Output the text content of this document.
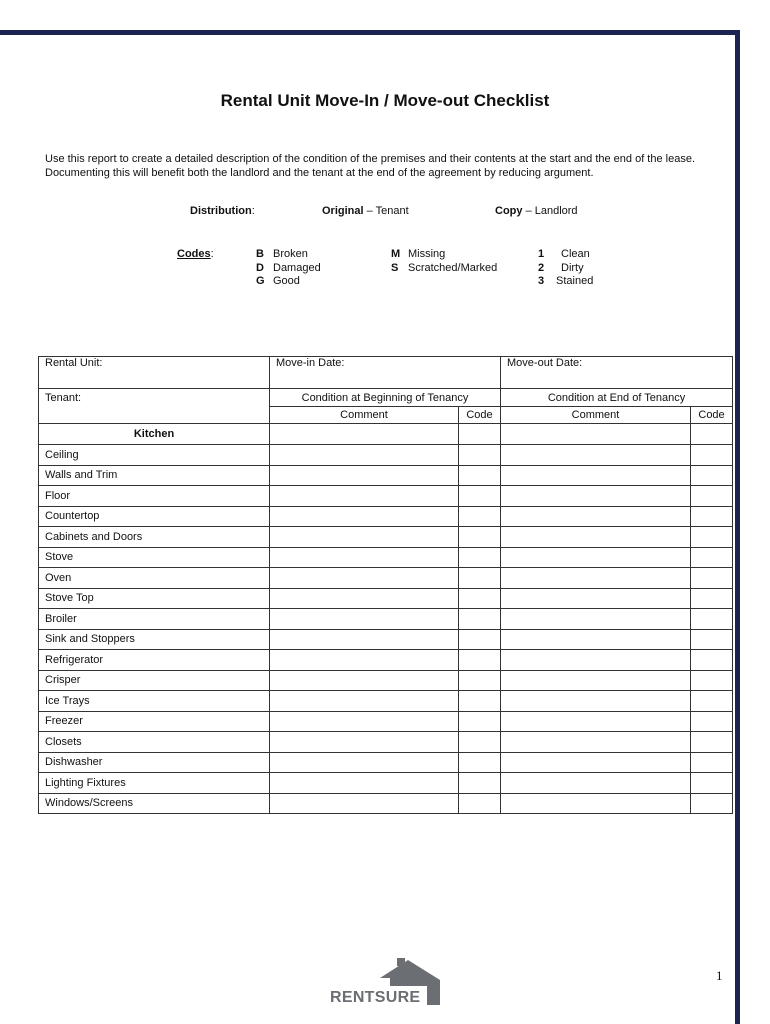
Rental Unit Move-In / Move-out Checklist
Use this report to create a detailed description of the condition of the premises and their contents at the start and the end of the lease.
Documenting this will benefit both the landlord and the tenant at the end of the agreement by reducing argument.
Distribution:	Original – Tenant	Copy – Landlord
Codes:	B Broken
D Damaged
G Good
M Missing
S Scratched/Marked
1 Clean
2 Dirty
3 Stained
Rental Unit:	Move-in Date:		Move-out Date:	
Tenant:	Condition at Beginning of Tenancy		Condition at End of Tenancy	
	Comment	Code	Comment	Code
Kitchen				
Ceiling				
Walls and Trim				
Floor				
Countertop				
Cabinets and Doors				
Stove				
Oven				
Stove Top				
Broiler				
Sink and Stoppers				
Refrigerator				
Crisper				
Ice Trays				
Freezer				
Closets				
Dishwasher				
Lighting Fixtures				
Windows/Screens				
RENTSURE
1
